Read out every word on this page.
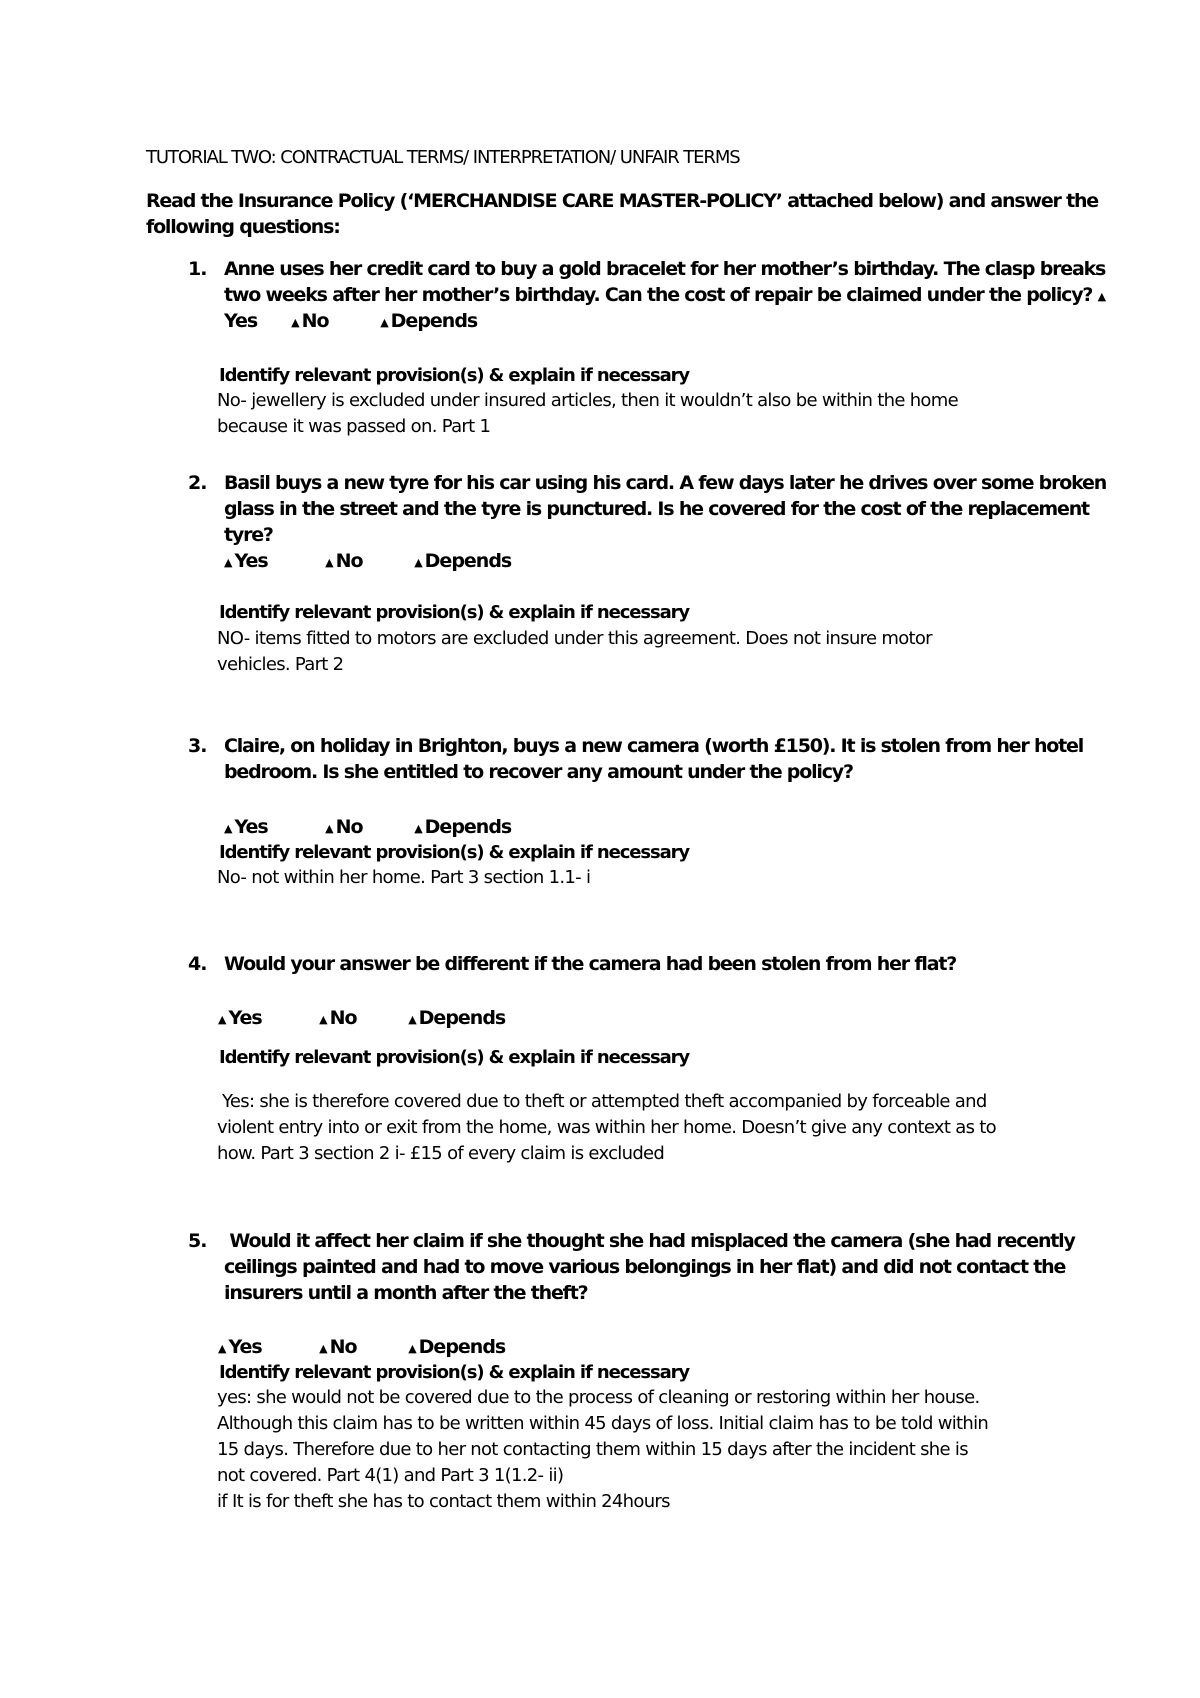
TUTORIAL TWO: CONTRACTUAL TERMS/ INTERPRETATION/ UNFAIR TERMS
Read the Insurance Policy (‘MERCHANDISE CARE MASTER-POLICY’ attached below) and answer the
following questions:
1. Anne uses her credit card to buy a gold bracelet for her mother’s birthday. The clasp breaks
two weeks after her mother’s birthday. Can the cost of repair be claimed under the policy? ▲
Yes	▲ No	▲ Depends
Identify relevant provision(s) & explain if necessary
No- jewellery is excluded under insured articles, then it wouldn’t also be within the home
because it was passed on. Part 1
2. Basil buys a new tyre for his car using his card. A few days later he drives over some broken
glass in the street and the tyre is punctured. Is he covered for the cost of the replacement
tyre?
▲ Yes	▲ No	▲ Depends
Identify relevant provision(s) & explain if necessary
NO- items fitted to motors are excluded under this agreement. Does not insure motor
vehicles. Part 2
3. Claire, on holiday in Brighton, buys a new camera (worth £150). It is stolen from her hotel
bedroom. Is she entitled to recover any amount under the policy?
▲ Yes	▲ No	▲ Depends
Identify relevant provision(s) & explain if necessary
No- not within her home. Part 3 section 1.1- i
4. Would your answer be different if the camera had been stolen from her flat?
▲ Yes	▲ No	▲ Depends
Identify relevant provision(s) & explain if necessary
Yes: she is therefore covered due to theft or attempted theft accompanied by forceable and
violent entry into or exit from the home, was within her home. Doesn’t give any context as to
how. Part 3 section 2 i- £15 of every claim is excluded
5. Would it affect her claim if she thought she had misplaced the camera (she had recently
ceilings painted and had to move various belongings in her flat) and did not contact the
insurers until a month after the theft?
▲ Yes	▲ No	▲ Depends
Identify relevant provision(s) & explain if necessary
yes: she would not be covered due to the process of cleaning or restoring within her house.
Although this claim has to be written within 45 days of loss. Initial claim has to be told within
15 days. Therefore due to her not contacting them within 15 days after the incident she is
not covered. Part 4(1) and Part 3 1(1.2- ii)
if It is for theft she has to contact them within 24hours
